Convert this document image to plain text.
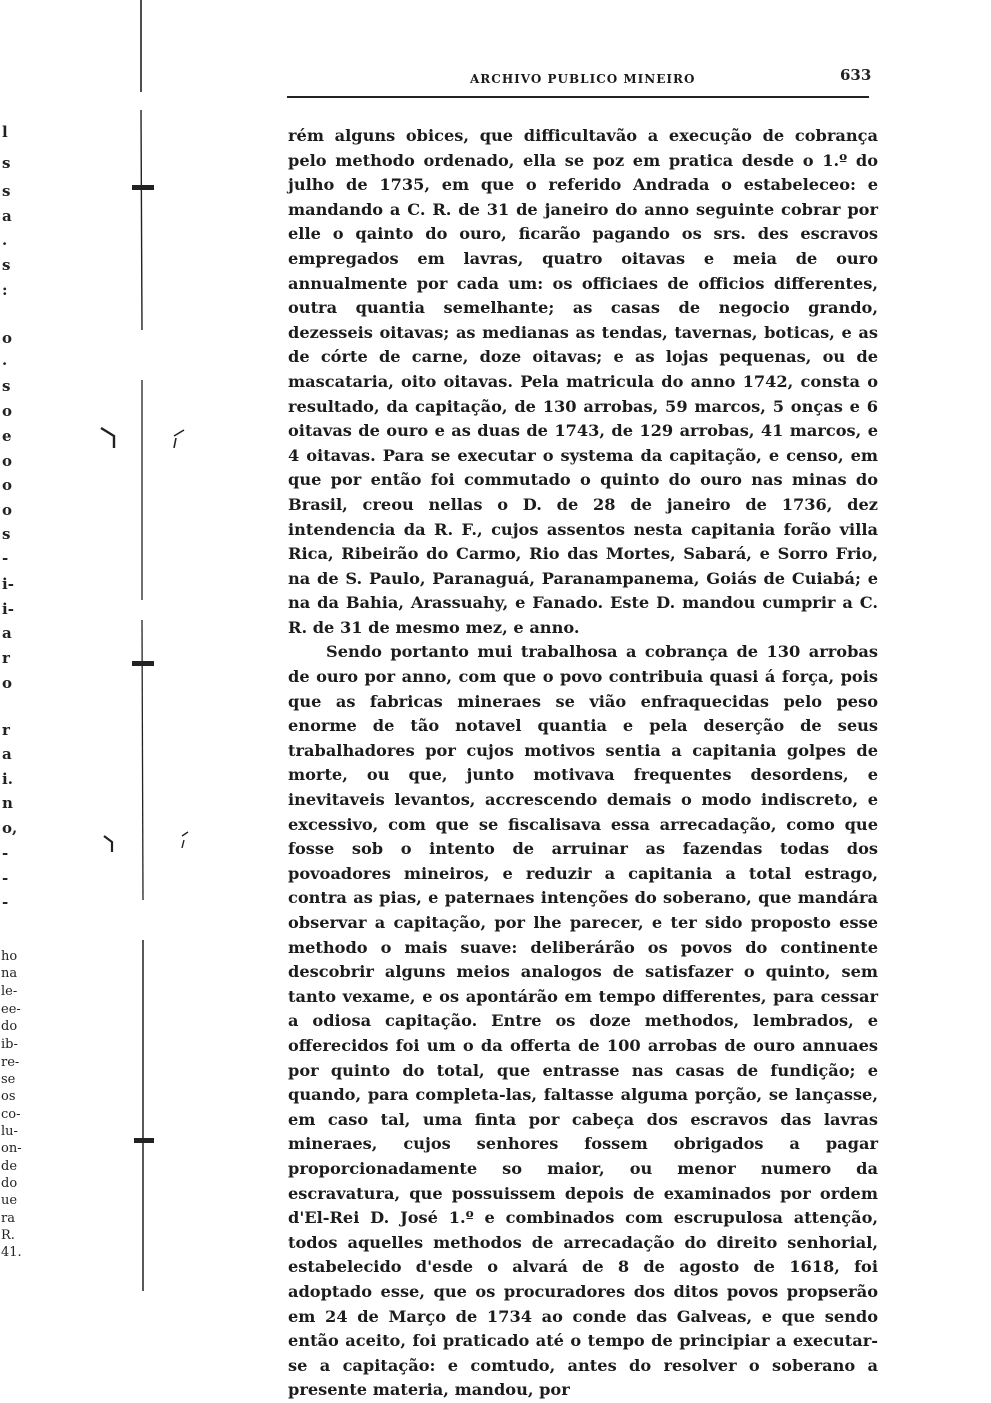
l
s
s
a
.
s
:
o
.
s
o
e
o
o
o
s
-
i-
i-
a
r
o
r
a
i.
n
o,
-
-
-
ho
na
le-
ee-
do
ib-
re-
se
os
co-
lu-
on-
de
do
ue
ra
R.
41.
ARCHIVO PUBLICO MINEIRO	633

rém alguns obices, que difficultavão a execução de cobrança pelo methodo ordenado, ella se poz em pratica desde o 1.º do julho de 1735, em que o referido Andrada o estabeleceo: e mandando a C. R. de 31 de janeiro do anno seguinte cobrar por elle o qainto do ouro, ficarão pagando os srs. des escravos empregados em lavras, quatro oitavas e meia de ouro annualmente por cada um: os officiaes de officios differentes, outra quantia semelhante; as casas de negocio grando, dezesseis oitavas; as medianas as tendas, tavernas, boticas, e as de córte de carne, doze oitavas; e as lojas pequenas, ou de mascataria, oito oitavas. Pela matricula do anno 1742, consta o resultado, da capitação, de 130 arrobas, 59 marcos, 5 onças e 6 oitavas de ouro e as duas de 1743, de 129 arrobas, 41 marcos, e 4 oitavas. Para se executar o systema da capitação, e censo, em que por então foi commutado o quinto do ouro nas minas do Brasil, creou nellas o D. de 28 de janeiro de 1736, dez intendencia da R. F., cujos assentos nesta capitania forão villa Rica, Ribeirão do Carmo, Rio das Mortes, Sabará, e Sorro Frio, na de S. Paulo, Paranaguá, Paranampanema, Goiás de Cuiabá; e na da Bahia, Arassuahy, e Fanado. Este D. mandou cumprir a C. R. de 31 de mesmo mez, e anno.

Sendo portanto mui trabalhosa a cobrança de 130 arrobas de ouro por anno, com que o povo contribuia quasi á força, pois que as fabricas mineraes se vião enfraquecidas pelo peso enorme de tão notavel quantia e pela deserção de seus trabalhadores por cujos motivos sentia a capitania golpes de morte, ou que, junto motivava frequentes desordens, e inevitaveis levantos, accrescendo demais o modo indiscreto, e excessivo, com que se fiscalisava essa arrecadação, como que fosse sob o intento de arruinar as fazendas todas dos povoadores mineiros, e reduzir a capitania a total estrago, contra as pias, e paternaes intenções do soberano, que mandára observar a capitação, por lhe parecer, e ter sido proposto esse methodo o mais suave: deliberárão os povos do continente descobrir alguns meios analogos de satisfazer o quinto, sem tanto vexame, e os apontárão em tempo differentes, para cessar a odiosa capitação. Entre os doze methodos, lembrados, e offerecidos foi um o da offerta de 100 arrobas de ouro annuaes por quinto do total, que entrasse nas casas de fundição; e quando, para completa-las, faltasse alguma porção, se lançasse, em caso tal, uma finta por cabeça dos escravos das lavras mineraes, cujos senhores fossem obrigados a pagar proporcionadamente so maior, ou menor numero da escravatura, que possuissem depois de examinados por ordem d'El-Rei D. José 1.º e combinados com escrupulosa attenção, todos aquelles methodos de arrecadação do direito senhorial, estabelecido d'esde o alvará de 8 de agosto de 1618, foi adoptado esse, que os procuradores dos ditos povos propserão em 24 de Março de 1734 ao conde das Galveas, e que sendo então aceito, foi praticado até o tempo de principiar a executar-se a capitação: e comtudo, antes do resolver o soberano a presente materia, mandou, por
